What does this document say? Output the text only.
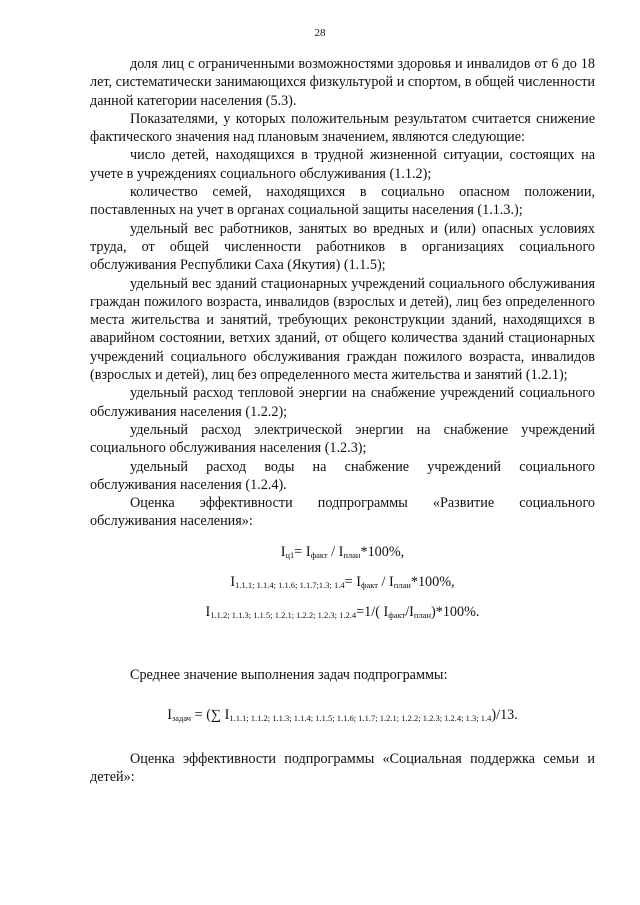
28

доля лиц с ограниченными возможностями здоровья и инвалидов от 6 до 18 лет, систематически занимающихся физкультурой и спортом, в общей численности данной категории населения (5.3).

Показателями, у которых положительным результатом считается снижение фактического значения над плановым значением, являются следующие:

число детей, находящихся в трудной жизненной ситуации, состоящих на учете в учреждениях социального обслуживания (1.1.2);

количество семей, находящихся в социально опасном положении, поставленных на учет в органах социальной защиты населения (1.1.3.);

удельный вес работников, занятых во вредных и (или) опасных условиях труда, от общей численности работников в организациях социального обслуживания Республики Саха (Якутия) (1.1.5);

удельный вес зданий стационарных учреждений социального обслуживания граждан пожилого возраста, инвалидов (взрослых и детей), лиц без определенного места жительства и занятий, требующих реконструкции зданий, находящихся в аварийном состоянии, ветхих зданий, от общего количества зданий стационарных учреждений социального обслуживания граждан пожилого возраста, инвалидов (взрослых и детей), лиц без определенного места жительства и занятий (1.2.1);

удельный расход тепловой энергии на снабжение учреждений социального обслуживания населения (1.2.2);

удельный расход электрической энергии на снабжение учреждений социального обслуживания населения (1.2.3);

удельный расход воды на снабжение учреждений социального обслуживания населения (1.2.4).

Оценка эффективности подпрограммы «Развитие социального обслуживания населения»:

$I_{ц1}= I_{факт} / I_{план}*100\%$,
$I_{1.1.1; 1.1.4; 1.1.6; 1.1.7;1.3; 1.4}= I_{факт} / I_{план}*100\%$,
$I_{1.1.2; 1.1.3; 1.1.5; 1.2.1; 1.2.2; 1.2.3; 1.2.4}=1/$( $I_{факт}/I_{план})*100\%$.

Среднее значение выполнения задач подпрограммы:

$I_{задач}$ = (∑ $I_{1.1.1; 1.1.2; 1.1.3; 1.1.4; 1.1.5; 1.1.6; 1.1.7; 1.2.1; 1.2.2; 1.2.3; 1.2.4; 1.3; 1.4})/13$.

Оценка эффективности подпрограммы «Социальная поддержка семьи и детей»:
